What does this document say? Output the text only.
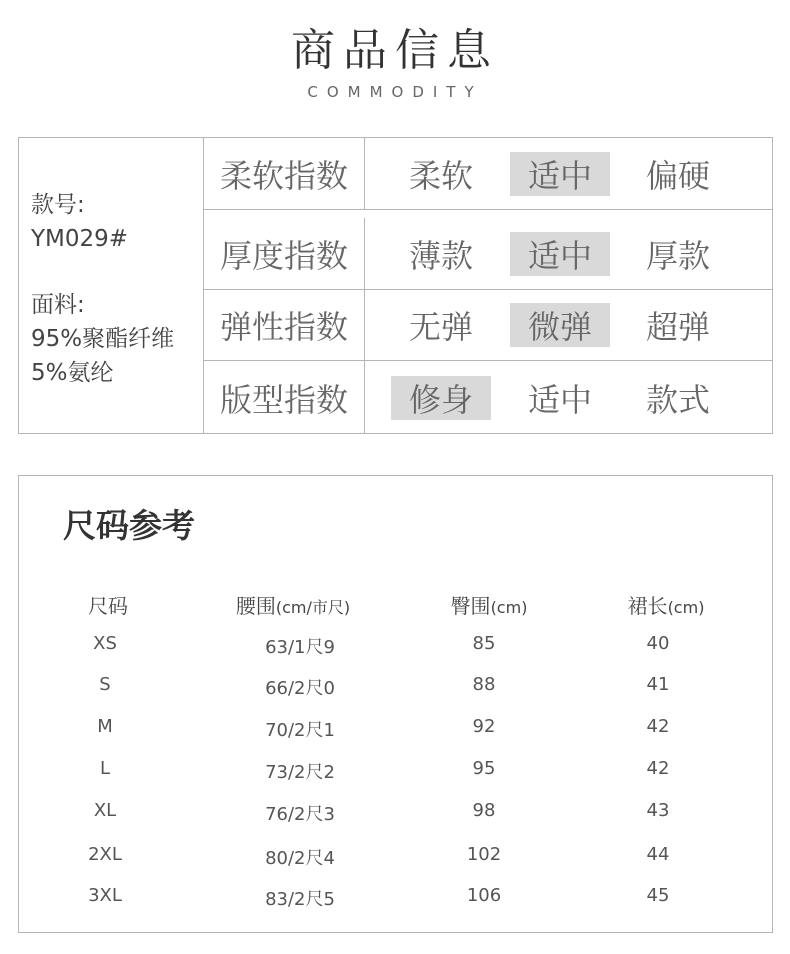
商品信息
COMMODITY
款号:
YM029#
面料:
95%聚酯纤维
5%氨纶
柔软指数	柔软	适中	偏硬
厚度指数	薄款	适中	厚款
弹性指数	无弹	微弹	超弹
版型指数	修身	适中	款式
尺码参考
尺码	腰围(cm/市尺)	臀围(cm)	裙长(cm)
XS	63/1尺9	85	40
S	66/2尺0	88	41
M	70/2尺1	92	42
L	73/2尺2	95	42
XL	76/2尺3	98	43
2XL	80/2尺4	102	44
3XL	83/2尺5	106	45
